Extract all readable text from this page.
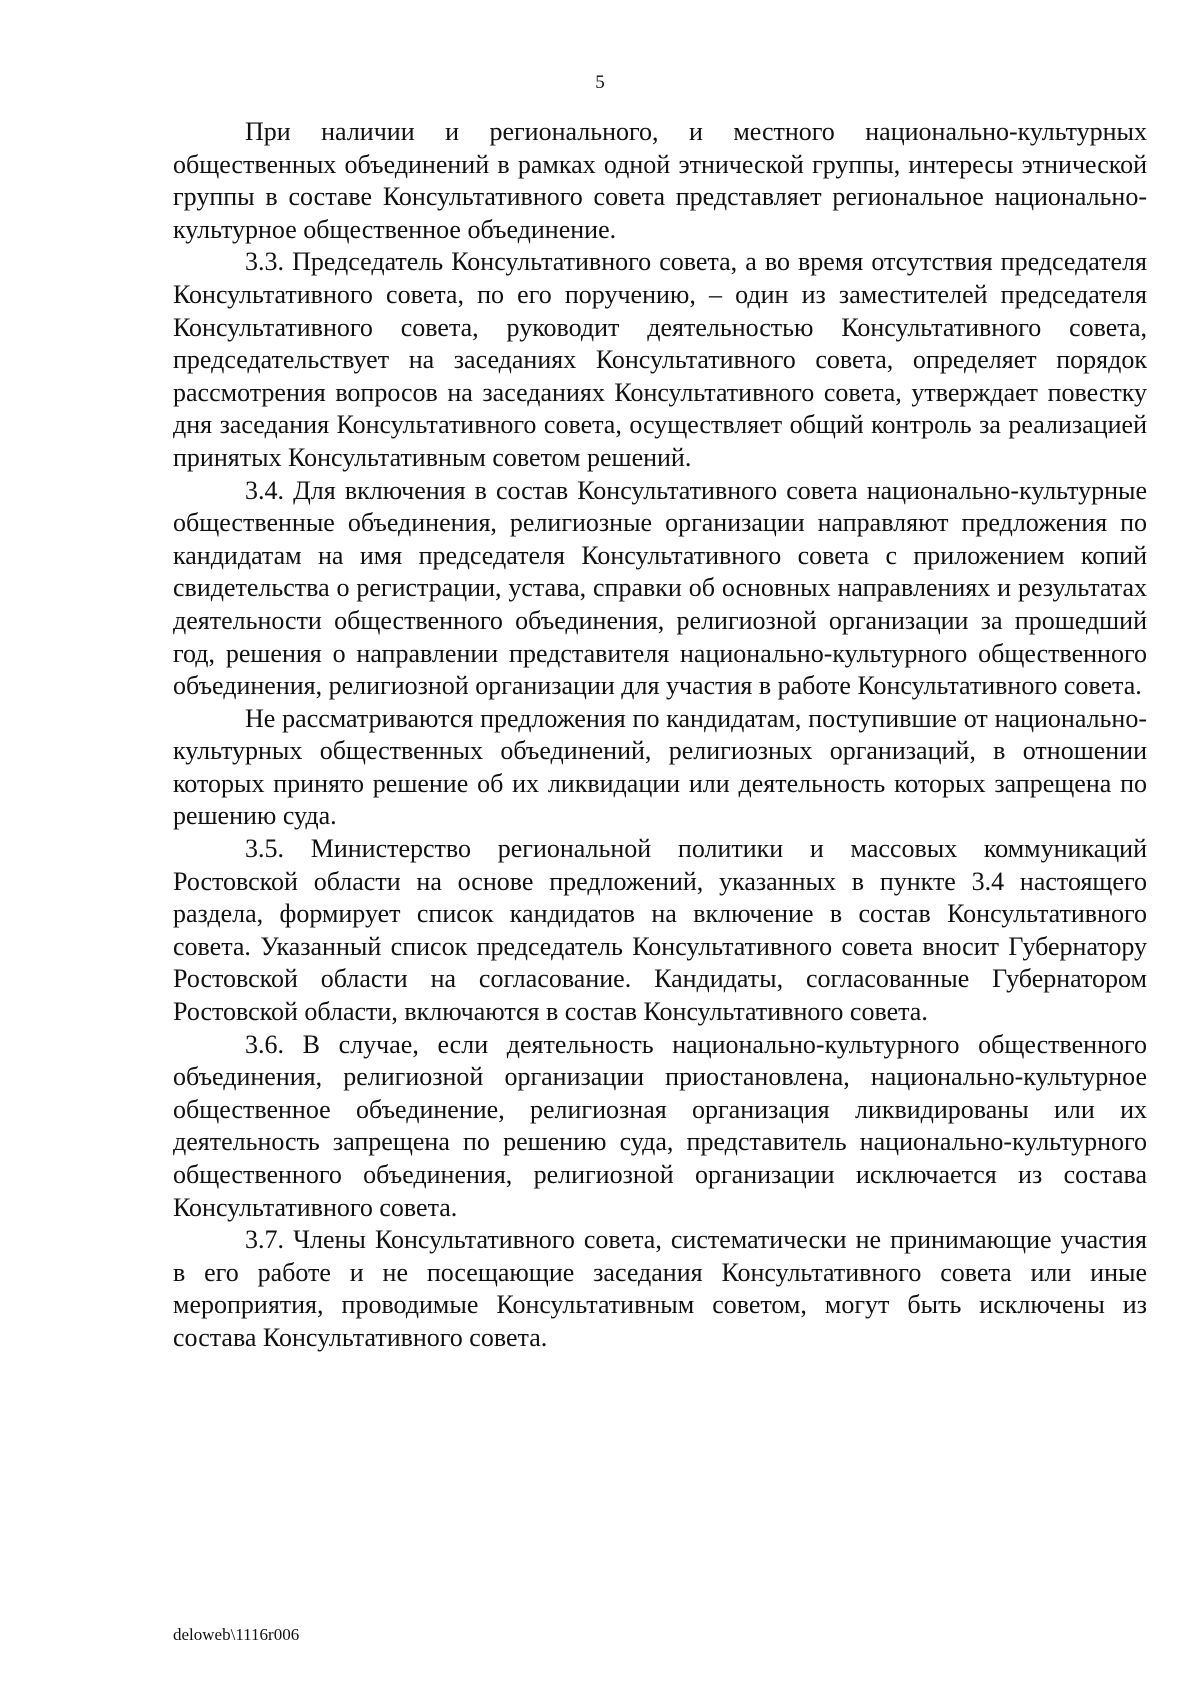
5

При наличии и регионального, и местного национально-культурных общественных объединений в рамках одной этнической группы, интересы этнической группы в составе Консультативного совета представляет региональное национально-культурное общественное объединение.

3.3. Председатель Консультативного совета, а во время отсутствия председателя Консультативного совета, по его поручению, – один из заместителей председателя Консультативного совета, руководит деятельностью Консультативного совета, председательствует на заседаниях Консультативного совета, определяет порядок рассмотрения вопросов на заседаниях Консультативного совета, утверждает повестку дня заседания Консультативного совета, осуществляет общий контроль за реализацией принятых Консультативным советом решений.

3.4. Для включения в состав Консультативного совета национально-культурные общественные объединения, религиозные организации направляют предложения по кандидатам на имя председателя Консультативного совета с приложением копий свидетельства о регистрации, устава, справки об основных направлениях и результатах деятельности общественного объединения, религиозной организации за прошедший год, решения о направлении представителя национально-культурного общественного объединения, религиозной организации для участия в работе Консультативного совета.

Не рассматриваются предложения по кандидатам, поступившие от национально-культурных общественных объединений, религиозных организаций, в отношении которых принято решение об их ликвидации или деятельность которых запрещена по решению суда.

3.5. Министерство региональной политики и массовых коммуникаций Ростовской области на основе предложений, указанных в пункте 3.4 настоящего раздела, формирует список кандидатов на включение в состав Консультативного совета. Указанный список председатель Консультативного совета вносит Губернатору Ростовской области на согласование. Кандидаты, согласованные Губернатором Ростовской области, включаются в состав Консультативного совета.

3.6. В случае, если деятельность национально-культурного общественного объединения, религиозной организации приостановлена, национально-культурное общественное объединение, религиозная организация ликвидированы или их деятельность запрещена по решению суда, представитель национально-культурного общественного объединения, религиозной организации исключается из состава Консультативного совета.

3.7. Члены Консультативного совета, систематически не принимающие участия в его работе и не посещающие заседания Консультативного совета или иные мероприятия, проводимые Консультативным советом, могут быть исключены из состава Консультативного совета.

deloweb\1116r006
